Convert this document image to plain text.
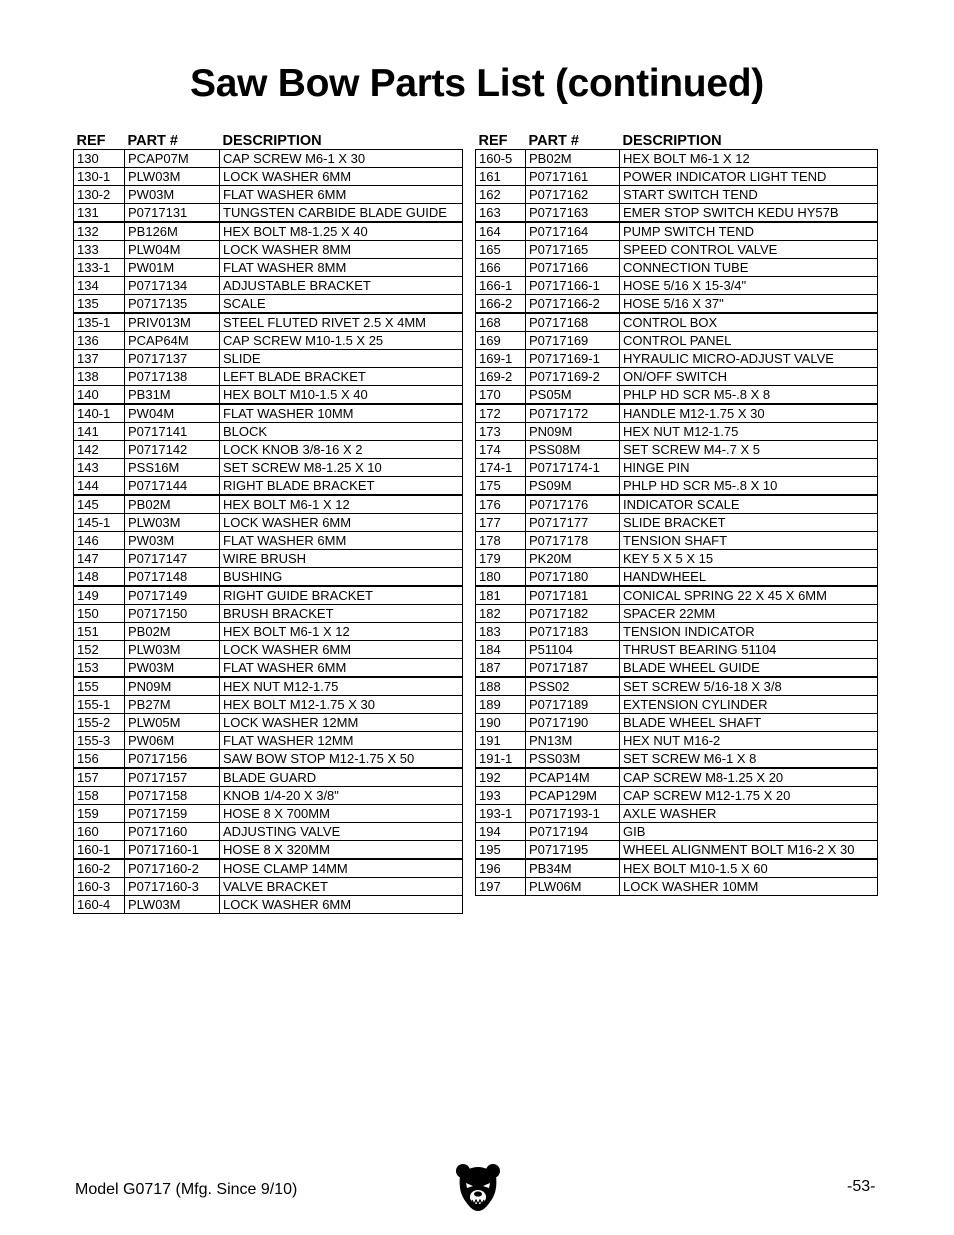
Saw Bow Parts List (continued)
REF	PART #	DESCRIPTION
130	PCAP07M	CAP SCREW M6-1 X 30
130-1	PLW03M	LOCK WASHER 6MM
130-2	PW03M	FLAT WASHER 6MM
131	P0717131	TUNGSTEN CARBIDE BLADE GUIDE
132	PB126M	HEX BOLT M8-1.25 X 40
133	PLW04M	LOCK WASHER 8MM
133-1	PW01M	FLAT WASHER 8MM
134	P0717134	ADJUSTABLE BRACKET
135	P0717135	SCALE
135-1	PRIV013M	STEEL FLUTED RIVET 2.5 X 4MM
136	PCAP64M	CAP SCREW M10-1.5 X 25
137	P0717137	SLIDE
138	P0717138	LEFT BLADE BRACKET
140	PB31M	HEX BOLT M10-1.5 X 40
140-1	PW04M	FLAT WASHER 10MM
141	P0717141	BLOCK
142	P0717142	LOCK KNOB 3/8-16 X 2
143	PSS16M	SET SCREW M8-1.25 X 10
144	P0717144	RIGHT BLADE BRACKET
145	PB02M	HEX BOLT M6-1 X 12
145-1	PLW03M	LOCK WASHER 6MM
146	PW03M	FLAT WASHER 6MM
147	P0717147	WIRE BRUSH
148	P0717148	BUSHING
149	P0717149	RIGHT GUIDE BRACKET
150	P0717150	BRUSH BRACKET
151	PB02M	HEX BOLT M6-1 X 12
152	PLW03M	LOCK WASHER 6MM
153	PW03M	FLAT WASHER 6MM
155	PN09M	HEX NUT M12-1.75
155-1	PB27M	HEX BOLT M12-1.75 X 30
155-2	PLW05M	LOCK WASHER 12MM
155-3	PW06M	FLAT WASHER 12MM
156	P0717156	SAW BOW STOP M12-1.75 X 50
157	P0717157	BLADE GUARD
158	P0717158	KNOB 1/4-20 X 3/8"
159	P0717159	HOSE 8 X 700MM
160	P0717160	ADJUSTING VALVE
160-1	P0717160-1	HOSE 8 X 320MM
160-2	P0717160-2	HOSE CLAMP 14MM
160-3	P0717160-3	VALVE BRACKET
160-4	PLW03M	LOCK WASHER 6MM
REF	PART #	DESCRIPTION
160-5	PB02M	HEX BOLT M6-1 X 12
161	P0717161	POWER INDICATOR LIGHT TEND
162	P0717162	START SWITCH TEND
163	P0717163	EMER STOP SWITCH KEDU HY57B
164	P0717164	PUMP SWITCH TEND
165	P0717165	SPEED CONTROL VALVE
166	P0717166	CONNECTION TUBE
166-1	P0717166-1	HOSE 5/16 X 15-3/4"
166-2	P0717166-2	HOSE 5/16 X 37"
168	P0717168	CONTROL BOX
169	P0717169	CONTROL PANEL
169-1	P0717169-1	HYRAULIC MICRO-ADJUST VALVE
169-2	P0717169-2	ON/OFF SWITCH
170	PS05M	PHLP HD SCR M5-.8 X 8
172	P0717172	HANDLE M12-1.75 X 30
173	PN09M	HEX NUT M12-1.75
174	PSS08M	SET SCREW M4-.7 X 5
174-1	P0717174-1	HINGE PIN
175	PS09M	PHLP HD SCR M5-.8 X 10
176	P0717176	INDICATOR SCALE
177	P0717177	SLIDE BRACKET
178	P0717178	TENSION SHAFT
179	PK20M	KEY 5 X 5 X 15
180	P0717180	HANDWHEEL
181	P0717181	CONICAL SPRING 22 X 45 X 6MM
182	P0717182	SPACER 22MM
183	P0717183	TENSION INDICATOR
184	P51104	THRUST BEARING 51104
187	P0717187	BLADE WHEEL GUIDE
188	PSS02	SET SCREW 5/16-18 X 3/8
189	P0717189	EXTENSION CYLINDER
190	P0717190	BLADE WHEEL SHAFT
191	PN13M	HEX NUT M16-2
191-1	PSS03M	SET SCREW M6-1 X 8
192	PCAP14M	CAP SCREW M8-1.25 X 20
193	PCAP129M	CAP SCREW M12-1.75 X 20
193-1	P0717193-1	AXLE WASHER
194	P0717194	GIB
195	P0717195	WHEEL ALIGNMENT BOLT M16-2 X 30
196	PB34M	HEX BOLT M10-1.5 X 60
197	PLW06M	LOCK WASHER 10MM
Model G0717 (Mfg. Since 9/10)	-53-
